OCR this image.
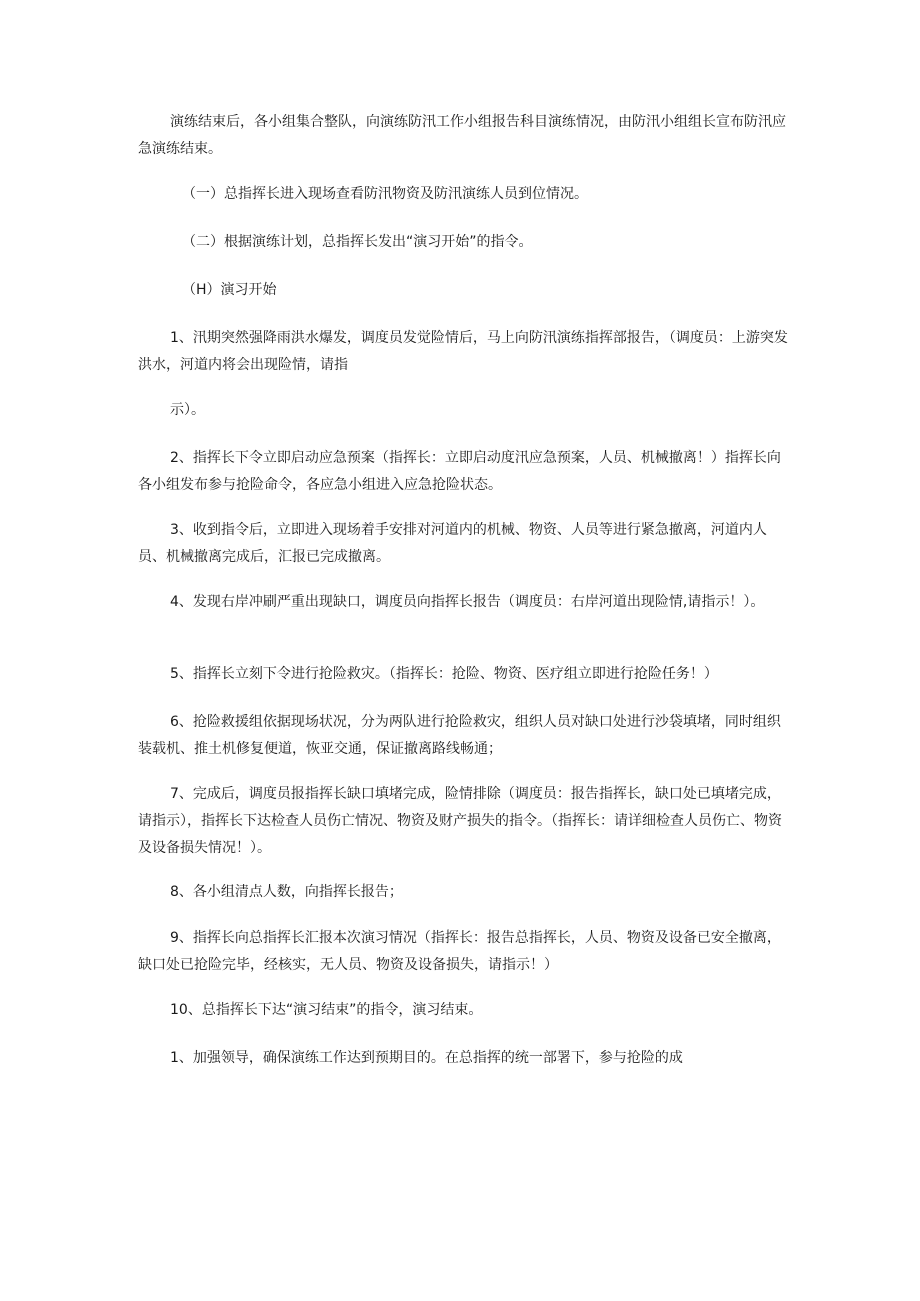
演练结束后，各小组集合整队，向演练防汛工作小组报告科目演练情况，由防汛小组组长宣布防汛应急演练结束。

（一）总指挥长进入现场查看防汛物资及防汛演练人员到位情况。

（二）根据演练计划，总指挥长发出“演习开始”的指令。

（H）演习开始

1、汛期突然强降雨洪水爆发，调度员发觉险情后，马上向防汛演练指挥部报告，（调度员：上游突发洪水，河道内将会出现险情，请指

示）。

2、指挥长下令立即启动应急预案（指挥长：立即启动度汛应急预案，人员、机械撤离！）指挥长向各小组发布参与抢险命令，各应急小组进入应急抢险状态。

3、收到指令后，立即进入现场着手安排对河道内的机械、物资、人员等进行紧急撤离，河道内人员、机械撤离完成后，汇报已完成撤离。

4、发现右岸冲刷严重出现缺口，调度员向指挥长报告（调度员：右岸河道出现险情,请指示！）。

5、指挥长立刻下令进行抢险救灾。（指挥长：抢险、物资、医疗组立即进行抢险任务！）

6、抢险救援组依据现场状况，分为两队进行抢险救灾，组织人员对缺口处进行沙袋填堵，同时组织装载机、推土机修复便道，恢亚交通，保证撤离路线畅通；

7、完成后，调度员报指挥长缺口填堵完成，险情排除（调度员：报告指挥长，缺口处已填堵完成，请指示），指挥长下达检查人员伤亡情况、物资及财产损失的指令。（指挥长：请详细检查人员伤亡、物资及设备损失情况！）。

8、各小组清点人数，向指挥长报告；

9、指挥长向总指挥长汇报本次演习情况（指挥长：报告总指挥长，人员、物资及设备已安全撤离，缺口处已抢险完毕，经核实，无人员、物资及设备损失，请指示！）

10、总指挥长下达“演习结束”的指令，演习结束。

1、加强领导，确保演练工作达到预期目的。在总指挥的统一部署下，参与抢险的成
